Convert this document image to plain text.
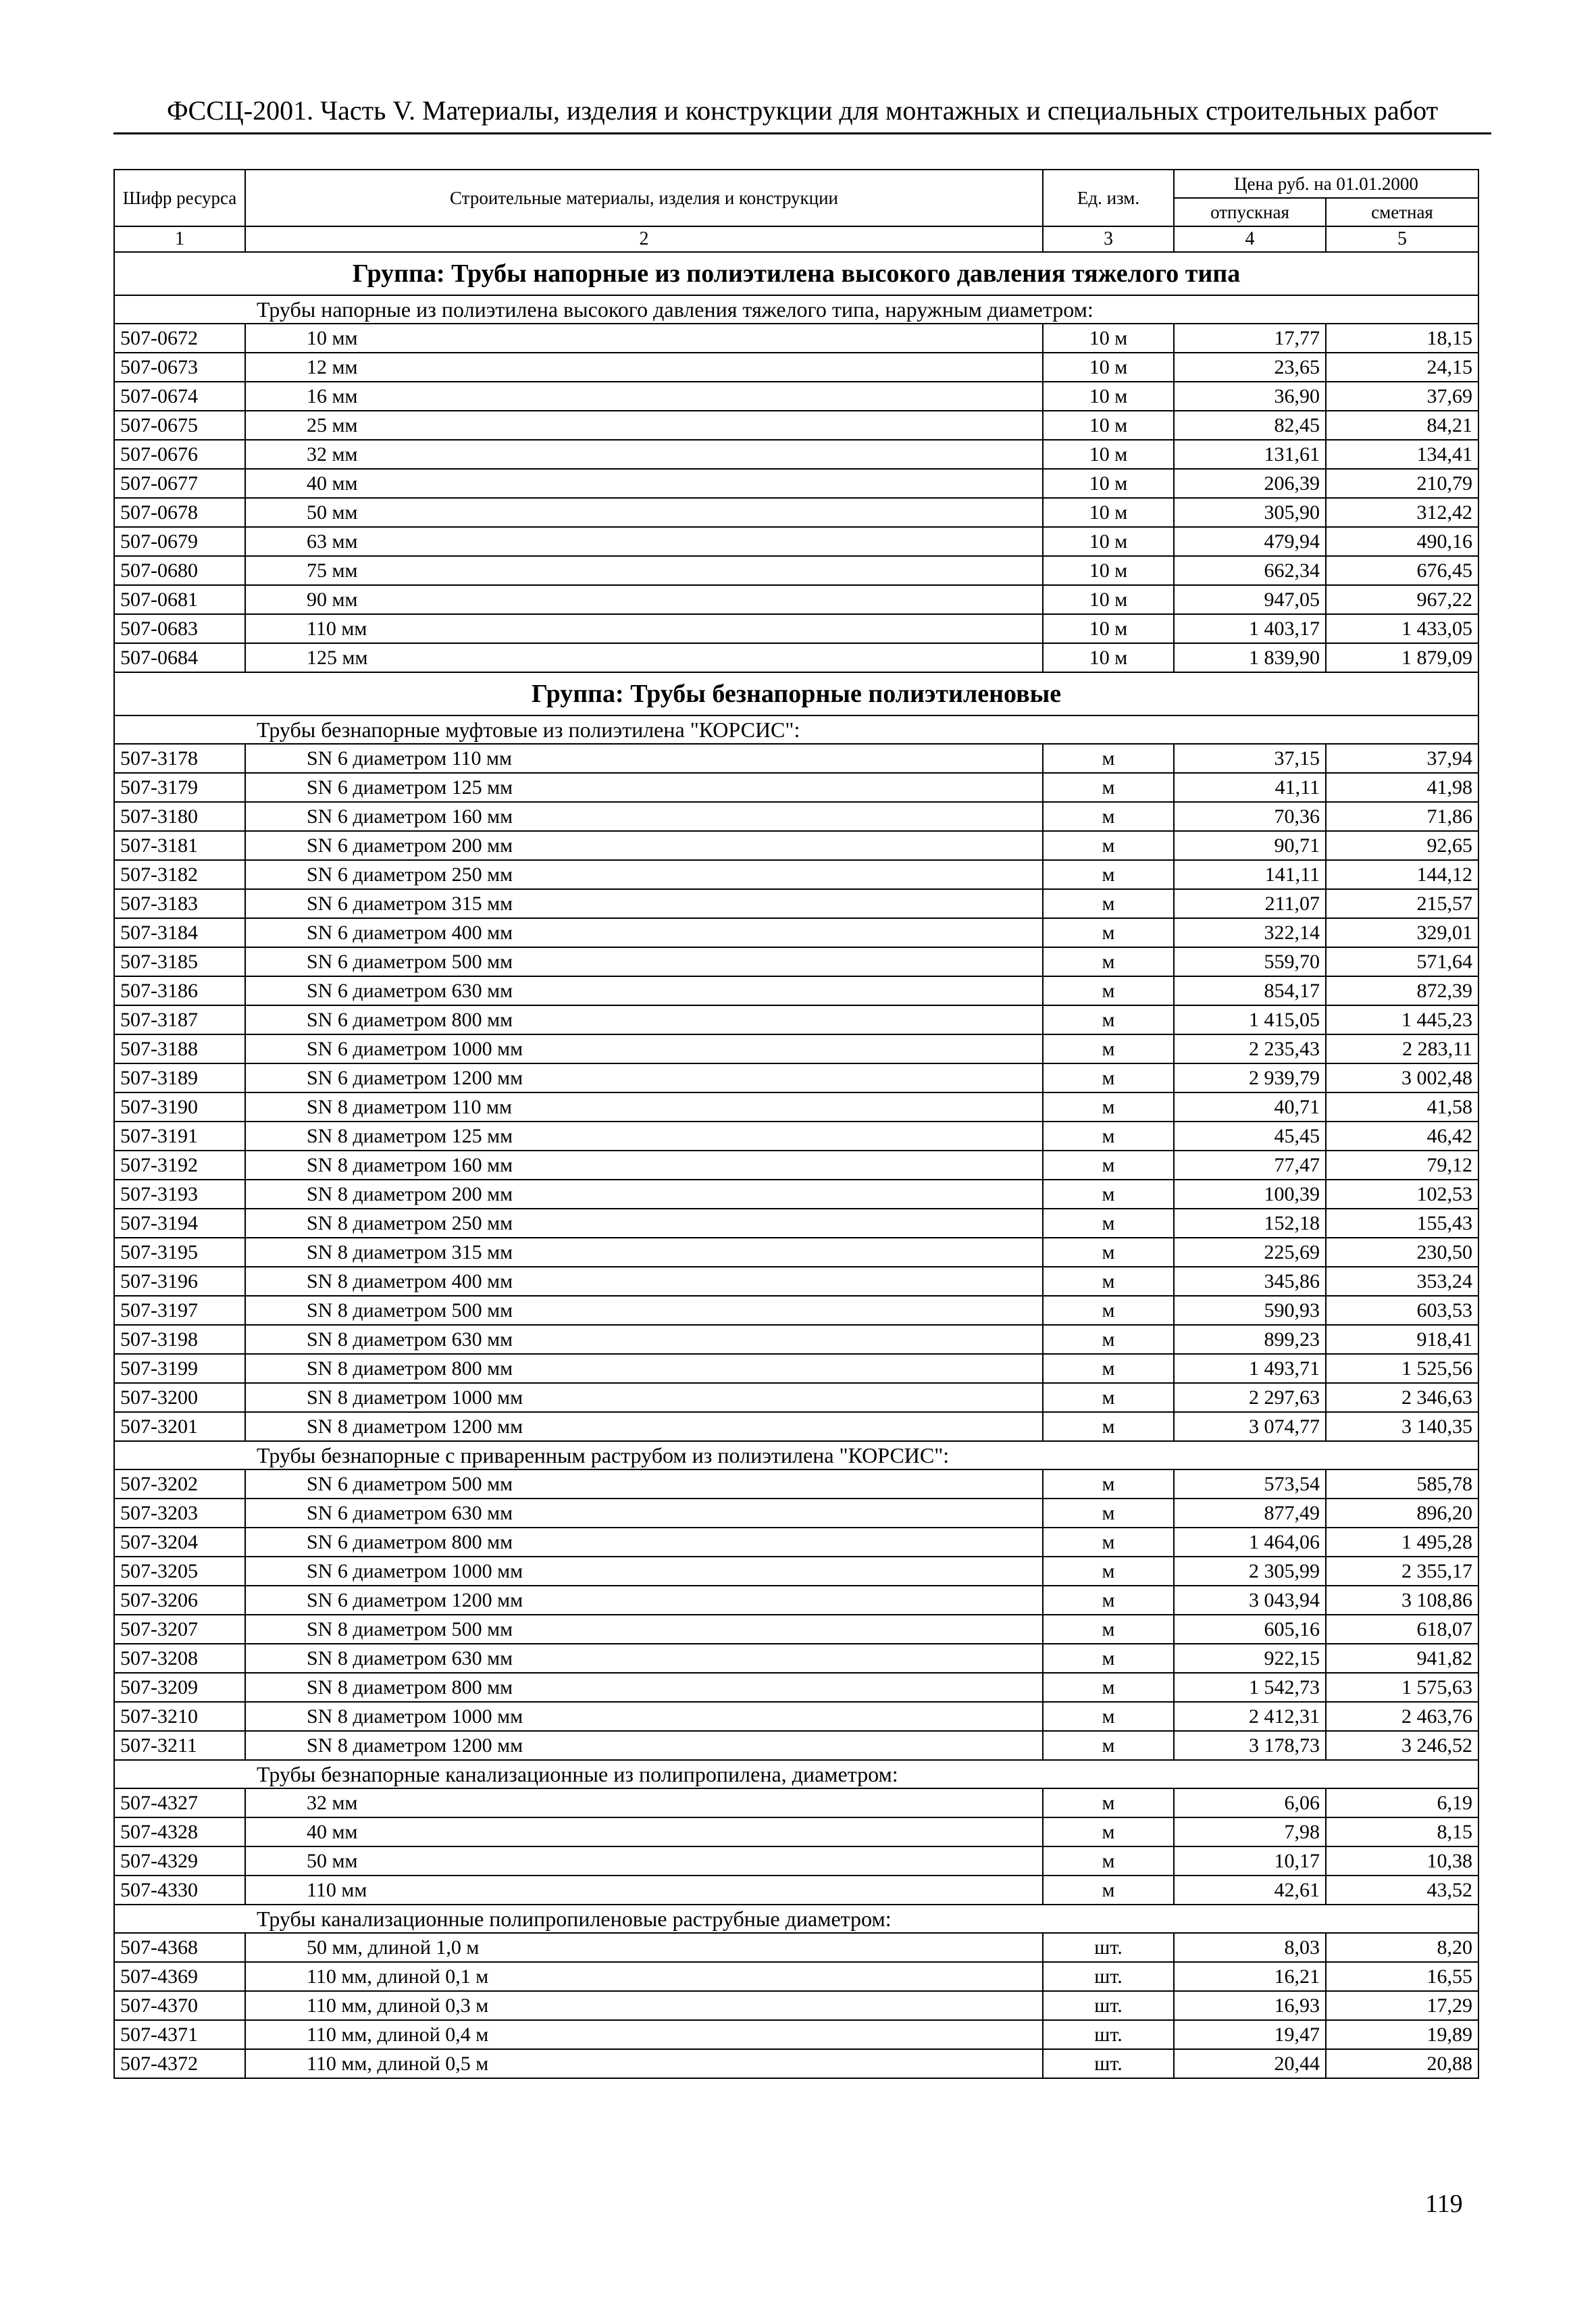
ФССЦ-2001. Часть V. Материалы, изделия и конструкции для монтажных и специальных строительных работ
Шифр ресурса	Строительные материалы, изделия и конструкции	Ед. изм.	Цена руб. на 01.01.2000	
			отпускная	сметная
1	2	3	4	5
Группа: Трубы напорные из полиэтилена высокого давления тяжелого типа				
Трубы напорные из полиэтилена высокого давления тяжелого типа, наружным диаметром:				
507-0672	10 мм	10 м	17,77	18,15
507-0673	12 мм	10 м	23,65	24,15
507-0674	16 мм	10 м	36,90	37,69
507-0675	25 мм	10 м	82,45	84,21
507-0676	32 мм	10 м	131,61	134,41
507-0677	40 мм	10 м	206,39	210,79
507-0678	50 мм	10 м	305,90	312,42
507-0679	63 мм	10 м	479,94	490,16
507-0680	75 мм	10 м	662,34	676,45
507-0681	90 мм	10 м	947,05	967,22
507-0683	110 мм	10 м	1 403,17	1 433,05
507-0684	125 мм	10 м	1 839,90	1 879,09
Группа: Трубы безнапорные полиэтиленовые				
Трубы безнапорные муфтовые из полиэтилена "КОРСИС":				
507-3178	SN 6 диаметром 110 мм	м	37,15	37,94
507-3179	SN 6 диаметром 125 мм	м	41,11	41,98
507-3180	SN 6 диаметром 160 мм	м	70,36	71,86
507-3181	SN 6 диаметром 200 мм	м	90,71	92,65
507-3182	SN 6 диаметром 250 мм	м	141,11	144,12
507-3183	SN 6 диаметром 315 мм	м	211,07	215,57
507-3184	SN 6 диаметром 400 мм	м	322,14	329,01
507-3185	SN 6 диаметром 500 мм	м	559,70	571,64
507-3186	SN 6 диаметром 630 мм	м	854,17	872,39
507-3187	SN 6 диаметром 800 мм	м	1 415,05	1 445,23
507-3188	SN 6 диаметром 1000 мм	м	2 235,43	2 283,11
507-3189	SN 6 диаметром 1200 мм	м	2 939,79	3 002,48
507-3190	SN 8 диаметром 110 мм	м	40,71	41,58
507-3191	SN 8 диаметром 125 мм	м	45,45	46,42
507-3192	SN 8 диаметром 160 мм	м	77,47	79,12
507-3193	SN 8 диаметром 200 мм	м	100,39	102,53
507-3194	SN 8 диаметром 250 мм	м	152,18	155,43
507-3195	SN 8 диаметром 315 мм	м	225,69	230,50
507-3196	SN 8 диаметром 400 мм	м	345,86	353,24
507-3197	SN 8 диаметром 500 мм	м	590,93	603,53
507-3198	SN 8 диаметром 630 мм	м	899,23	918,41
507-3199	SN 8 диаметром 800 мм	м	1 493,71	1 525,56
507-3200	SN 8 диаметром 1000 мм	м	2 297,63	2 346,63
507-3201	SN 8 диаметром 1200 мм	м	3 074,77	3 140,35
Трубы безнапорные с приваренным раструбом из полиэтилена "КОРСИС":				
507-3202	SN 6 диаметром 500 мм	м	573,54	585,78
507-3203	SN 6 диаметром 630 мм	м	877,49	896,20
507-3204	SN 6 диаметром 800 мм	м	1 464,06	1 495,28
507-3205	SN 6 диаметром 1000 мм	м	2 305,99	2 355,17
507-3206	SN 6 диаметром 1200 мм	м	3 043,94	3 108,86
507-3207	SN 8 диаметром 500 мм	м	605,16	618,07
507-3208	SN 8 диаметром 630 мм	м	922,15	941,82
507-3209	SN 8 диаметром 800 мм	м	1 542,73	1 575,63
507-3210	SN 8 диаметром 1000 мм	м	2 412,31	2 463,76
507-3211	SN 8 диаметром 1200 мм	м	3 178,73	3 246,52
Трубы безнапорные канализационные из полипропилена, диаметром:				
507-4327	32 мм	м	6,06	6,19
507-4328	40 мм	м	7,98	8,15
507-4329	50 мм	м	10,17	10,38
507-4330	110 мм	м	42,61	43,52
Трубы канализационные полипропиленовые раструбные диаметром:				
507-4368	50 мм, длиной 1,0 м	шт.	8,03	8,20
507-4369	110 мм, длиной 0,1 м	шт.	16,21	16,55
507-4370	110 мм, длиной 0,3 м	шт.	16,93	17,29
507-4371	110 мм, длиной 0,4 м	шт.	19,47	19,89
507-4372	110 мм, длиной 0,5 м	шт.	20,44	20,88
119
